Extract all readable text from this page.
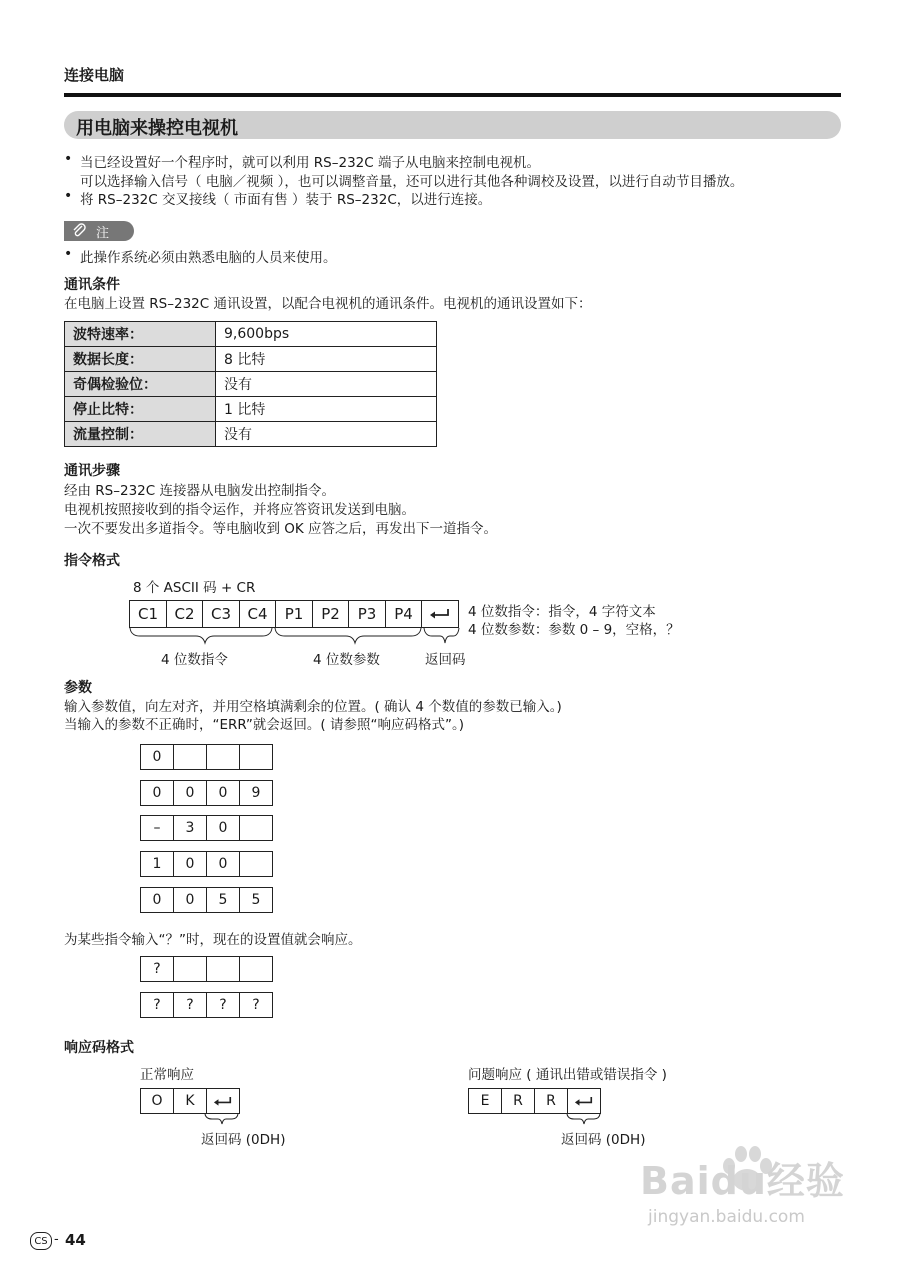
连接电脑
用电脑来操控电视机
• 当已经设置好一个程序时，就可以利用 RS–232C 端子从电脑来控制电视机。
可以选择输入信号（ 电脑／视频 ），也可以调整音量，还可以进行其他各种调校及设置，以进行自动节目播放。
• 将 RS–232C 交叉接线（ 市面有售 ）装于 RS–232C，以进行连接。
注
• 此操作系统必须由熟悉电脑的人员来使用。
通讯条件
在电脑上设置 RS–232C 通讯设置，以配合电视机的通讯条件。电视机的通讯设置如下：
波特速率：	9,600bps
数据长度：	8 比特
奇偶检验位：	没有
停止比特：	1 比特
流量控制：	没有
通讯步骤
经由 RS–232C 连接器从电脑发出控制指令。
电视机按照接收到的指令运作，并将应答资讯发送到电脑。
一次不要发出多道指令。等电脑收到 OK 应答之后，再发出下一道指令。
指令格式
8 个 ASCII 码 + CR
C1	C2	C3	C4	P1	P2	P3	P4	4 位数指令：指令，4 字符文本
4 位数参数：参数 0 – 9，空格，？
4 位数指令	4 位数参数	返回码
参数
输入参数值，向左对齐，并用空格填满剩余的位置。( 确认 4 个数值的参数已输入。)
当输入的参数不正确时，“ERR”就会返回。( 请参照“响应码格式”。)
0
0	0	0	9
–	3	0
1	0	0
0	0	5	5
为某些指令输入“？”时，现在的设置值就会响应。
?
?	?	?	?
响应码格式
正常响应
O	K
返回码 (0DH)
问题响应 ( 通讯出错或错误指令 )
E	R	R
返回码 (0DH)
Baidu经验
jingyan.baidu.com
CS - 44
